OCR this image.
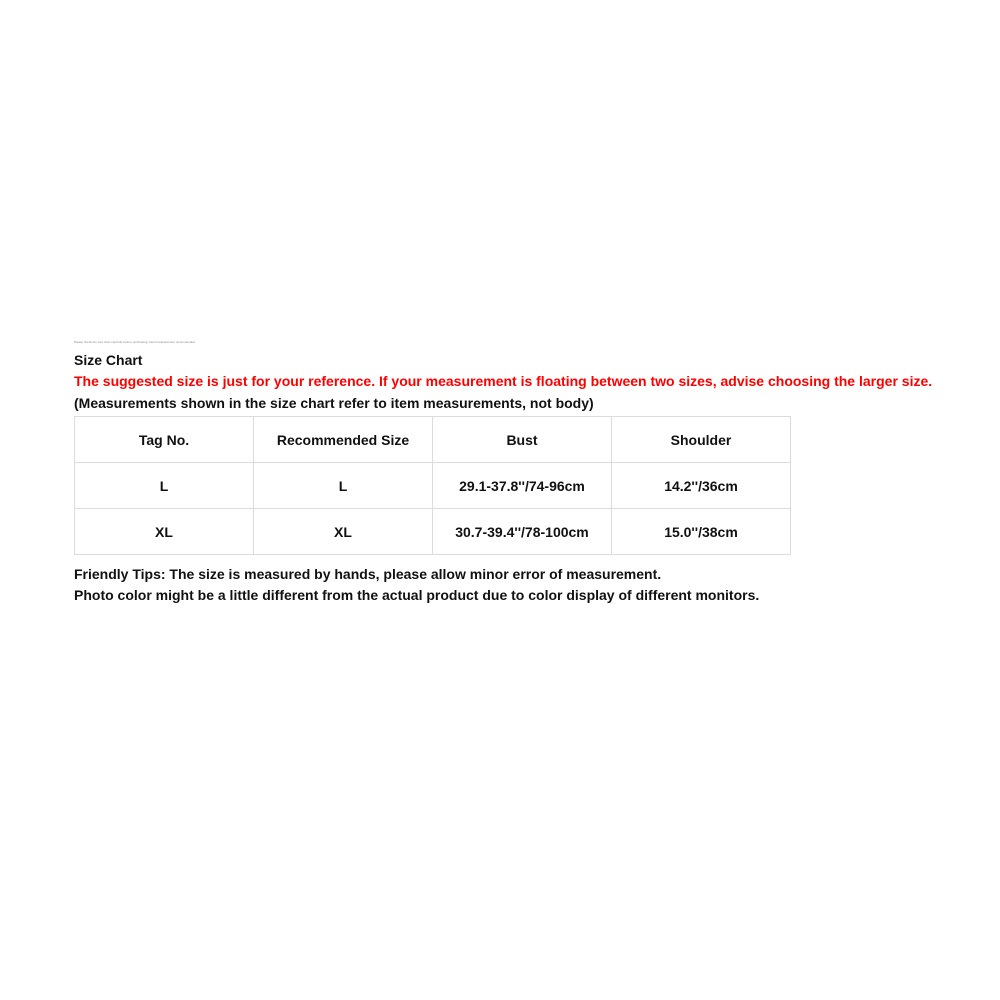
Please check the size chart carefully before purchasing, hand measurement recommended.
Size Chart
The suggested size is just for your reference. If your measurement is floating between two sizes, advise choosing the larger size.
(Measurements shown in the size chart refer to item measurements, not body)
Tag No.	Recommended Size	Bust	Shoulder
L	L	29.1-37.8''/74-96cm	14.2''/36cm
XL	XL	30.7-39.4''/78-100cm	15.0''/38cm

Friendly Tips: The size is measured by hands, please allow minor error of measurement.

Photo color might be a little different from the actual product due to color display of different monitors.
